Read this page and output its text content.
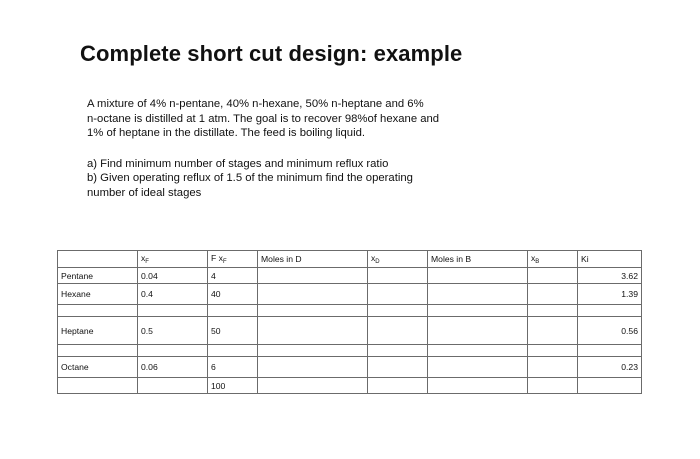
Complete short cut design: example

A mixture of 4% n-pentane, 40% n-hexane, 50% n-heptane and 6%

n-octane is distilled at 1 atm. The goal is to recover 98%of hexane and

1% of heptane in the distillate. The feed is boiling liquid.

a) Find minimum number of stages and minimum reflux ratio

b) Given operating reflux of 1.5 of the minimum find the operating

number of ideal stages

	$x_F$	F $x_F$	Moles in D	$x_D$	Moles in B	$x_B$	Ki
Pentane	0.04	4					3.62
Hexane	0.4	40					1.39

Heptane	0.5	50					0.56

Octane	0.06	6					0.23
		100					
